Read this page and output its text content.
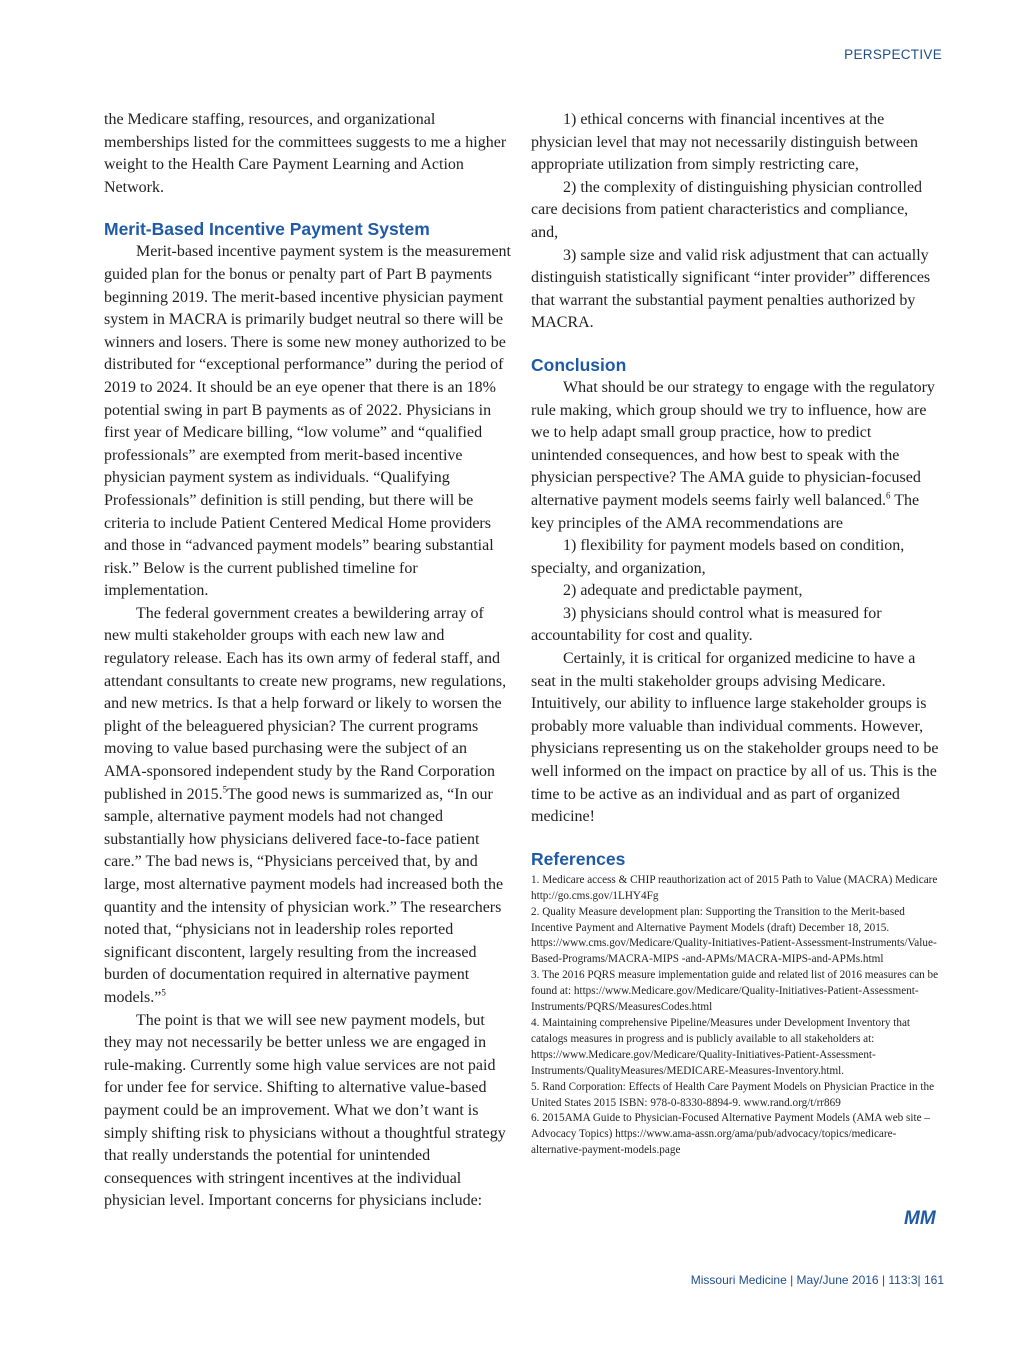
PERSPECTIVE

the Medicare staffing, resources, and organizational memberships listed for the committees suggests to me a higher weight to the Health Care Payment Learning and Action Network.

Merit-Based Incentive Payment System

Merit-based incentive payment system is the measurement guided plan for the bonus or penalty part of Part B payments beginning 2019. The merit-based incentive physician payment system in MACRA is primarily budget neutral so there will be winners and losers. There is some new money authorized to be distributed for “exceptional performance” during the period of 2019 to 2024. It should be an eye opener that there is an 18% potential swing in part B payments as of 2022. Physicians in first year of Medicare billing, “low volume” and “qualified professionals” are exempted from merit-based incentive physician payment system as individuals. “Qualifying Professionals” definition is still pending, but there will be criteria to include Patient Centered Medical Home providers and those in “advanced payment models” bearing substantial risk.” Below is the current published timeline for implementation.

The federal government creates a bewildering array of new multi stakeholder groups with each new law and regulatory release. Each has its own army of federal staff, and attendant consultants to create new programs, new regulations, and new metrics. Is that a help forward or likely to worsen the plight of the beleaguered physician? The current programs moving to value based purchasing were the subject of an AMA-sponsored independent study by the Rand Corporation published in 2015.$^5$The good news is summarized as, “In our sample, alternative payment models had not changed substantially how physicians delivered face-to-face patient care.” The bad news is, “Physicians perceived that, by and large, most alternative payment models had increased both the quantity and the intensity of physician work.” The researchers noted that, “physicians not in leadership roles reported significant discontent, largely resulting from the increased burden of documentation required in alternative payment models.”$^5$

The point is that we will see new payment models, but they may not necessarily be better unless we are engaged in rule-making. Currently some high value services are not paid for under fee for service. Shifting to alternative value-based payment could be an improvement. What we don’t want is simply shifting risk to physicians without a thoughtful strategy that really understands the potential for unintended consequences with stringent incentives at the individual physician level. Important concerns for physicians include:

1) ethical concerns with financial incentives at the physician level that may not necessarily distinguish between appropriate utilization from simply restricting care,

2) the complexity of distinguishing physician controlled care decisions from patient characteristics and compliance, and,

3) sample size and valid risk adjustment that can actually distinguish statistically significant “inter provider” differences that warrant the substantial payment penalties authorized by MACRA.

Conclusion

What should be our strategy to engage with the regulatory rule making, which group should we try to influence, how are we to help adapt small group practice, how to predict unintended consequences, and how best to speak with the physician perspective? The AMA guide to physician-focused alternative payment models seems fairly well balanced.$^6$ The key principles of the AMA recommendations are

1) flexibility for payment models based on condition, specialty, and organization,

2) adequate and predictable payment,

3) physicians should control what is measured for accountability for cost and quality.

Certainly, it is critical for organized medicine to have a seat in the multi stakeholder groups advising Medicare. Intuitively, our ability to influence large stakeholder groups is probably more valuable than individual comments. However, physicians representing us on the stakeholder groups need to be well informed on the impact on practice by all of us. This is the time to be active as an individual and as part of organized medicine!

References

1. Medicare access & CHIP reauthorization act of 2015 Path to Value (MACRA) Medicare http://go.cms.gov/1LHY4Fg

2. Quality Measure development plan: Supporting the Transition to the Merit-based Incentive Payment and Alternative Payment Models (draft) December 18, 2015. https://www.cms.gov/Medicare/Quality-Initiatives-Patient-Assessment-Instruments/Value-Based-Programs/MACRA-MIPS -and-APMs/MACRA-MIPS-and-APMs.html

3. The 2016 PQRS measure implementation guide and related list of 2016 measures can be found at: https://www.Medicare.gov/Medicare/Quality-Initiatives-Patient-Assessment-Instruments/PQRS/MeasuresCodes.html

4. Maintaining comprehensive Pipeline/Measures under Development Inventory that catalogs measures in progress and is publicly available to all stakeholders at: https://www.Medicare.gov/Medicare/Quality-Initiatives-Patient-Assessment-Instruments/QualityMeasures/MEDICARE-Measures-Inventory.html.

5. Rand Corporation: Effects of Health Care Payment Models on Physician Practice in the United States 2015 ISBN: 978-0-8330-8894-9. www.rand.org/t/rr869

6. 2015AMA Guide to Physician-Focused Alternative Payment Models (AMA web site – Advocacy Topics) https://www.ama-assn.org/ama/pub/advocacy/topics/medicare-alternative-payment-models.page

MM
Missouri Medicine | May/June 2016 | 113:3| 161
